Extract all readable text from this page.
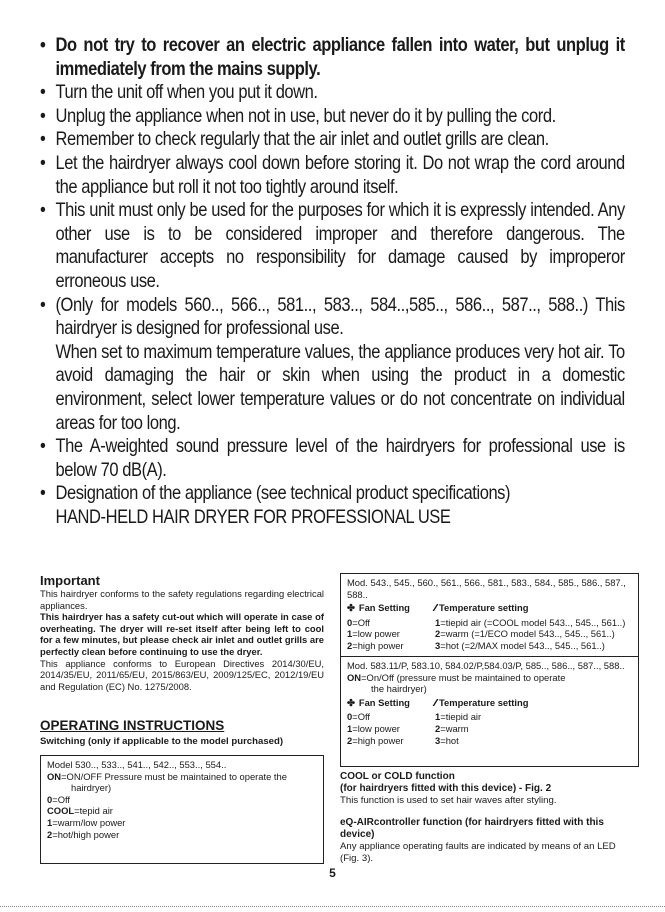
• Do not try to recover an electric appliance fallen into water, but unplug it immediately from the mains supply.
• Turn the unit off when you put it down.
• Unplug the appliance when not in use, but never do it by pulling the cord.
• Remember to check regularly that the air inlet and outlet grills are clean.
• Let the hairdryer always cool down before storing it. Do not wrap the cord around the appliance but roll it not too tightly around itself.
• This unit must only be used for the purposes for which it is expressly intended. Any other use is to be considered improper and therefore dangerous. The manufacturer accepts no responsibility for damage caused by improperor erroneous use.
• (Only for models 560.., 566.., 581.., 583.., 584..,585.., 586.., 587.., 588..) This hairdryer is designed for professional use.
When set to maximum temperature values, the appliance produces very hot air. To avoid damaging the hair or skin when using the product in a domestic environment, select lower temperature values or do not concentrate on individual areas for too long.
• The A-weighted sound pressure level of the hairdryers for professional use is below 70 dB(A).
• Designation of the appliance (see technical product specifications)
HAND-HELD HAIR DRYER FOR PROFESSIONAL USE

Important

This hairdryer conforms to the safety regulations regarding electrical appliances.

This hairdryer has a safety cut-out which will operate in case of overheating. The dryer will re-set itself after being left to cool for a few minutes, but please check air inlet and outlet grills are perfectly clean before continuing to use the dryer.

This appliance conforms to European Directives 2014/30/EU, 2014/35/EU, 2011/65/EU, 2015/863/EU, 2009/125/EC, 2012/19/EU and Regulation (EC) No. 1275/2008.

OPERATING INSTRUCTIONS

Switching (only if applicable to the model purchased)

Model 530.., 533.., 541.., 542.., 553.., 554..
ON=ON/OFF Pressure must be maintained to operate the
hairdryer)
0=Off
COOL=tepid air
1=warm/low power
2=hot/high power
Mod. 543., 545., 560., 561., 566., 581., 583., 584., 585., 586., 587., 588..
✤ Fan Setting	Temperature setting
0=Off	1=tiepid air (=COOL model 543.., 545.., 561..)
1=low power	2=warm (=1/ECO model 543.., 545.., 561..)
2=high power	3=hot (=2/MAX model 543.., 545.., 561..)
Mod. 583.11/P, 583.10, 584.02/P,584.03/P, 585.., 586.., 587.., 588..
ON=On/Off (pressure must be maintained to operate
the hairdryer)
✤ Fan Setting	Temperature setting
0=Off	1=tiepid air
1=low power	2=warm
2=high power	3=hot

COOL or COLD function

(for hairdryers fitted with this device) - Fig. 2

This function is used to set hair waves after styling.

eQ-AIRcontroller function (for hairdryers fitted with this device)

Any appliance operating faults are indicated by means of an LED (Fig. 3).

5
